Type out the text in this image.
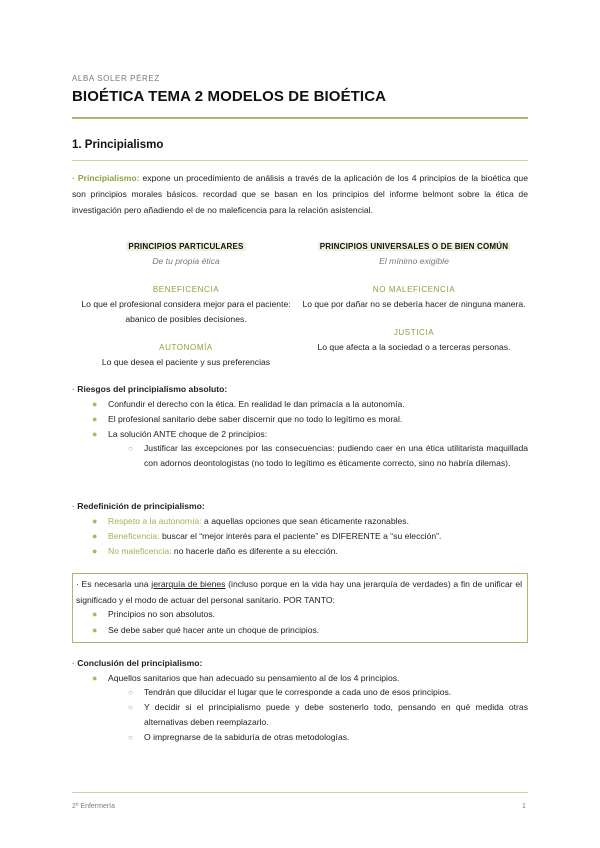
ALBA SOLER PÉREZ
BIOÉTICA TEMA 2 MODELOS DE BIOÉTICA
1. Principialismo
· Principialismo: expone un procedimiento de análisis a través de la aplicación de los 4 principios de la bioética que son principios morales básicos. recordad que se basan en los principios del informe belmont sobre la ética de investigación pero añadiendo el de no maleficencia para la relación asistencial.
PRINCIPIOS PARTICULARES
De tu propia ética
BENEFICENCIA
Lo que el profesional considera mejor para el paciente: abanico de posibles decisiones.
AUTONOMÍA
Lo que desea el paciente y sus preferencias
PRINCIPIOS UNIVERSALES O DE BIEN COMÚN
El mínimo exigible
NO MALEFICENCIA
Lo que por dañar no se debería hacer de ninguna manera.
JUSTICIA
Lo que afecta a la sociedad o a terceras personas.
· Riesgos del principialismo absoluto:
● Confundir el derecho con la ética. En realidad le dan primacía a la autonomía.
● El profesional sanitario debe saber discernir que no todo lo legítimo es moral.
● La solución ANTE choque de 2 principios:
○ Justificar las excepciones por las consecuencias: pudiendo caer en una ética utilitarista maquillada con adornos deontologistas (no todo lo legítimo es éticamente correcto, sino no habría dilemas).
· Redefinición de principialismo:
● Respeto a la autonomía: a aquellas opciones que sean éticamente razonables.
● Beneficencia: buscar el “mejor interés para el paciente” es DIFERENTE a “su elección”.
● No maleficencia: no hacerle daño es diferente a su elección.
· Es necesaria una jerarquía de bienes (incluso porque en la vida hay una jerarquía de verdades) a fin de unificar el significado y el modo de actuar del personal sanitario. POR TANTO:
● Principios no son absolutos.
● Se debe saber qué hacer ante un choque de principios.
· Conclusión del principialismo:
● Aquellos sanitarios que han adecuado su pensamiento al de los 4 principios.
○ Tendrán que dilucidar el lugar que le corresponde a cada uno de esos principios.
○ Y decidir si el principialismo puede y debe sostenerlo todo, pensando en qué medida otras alternativas deben reemplazarlo.
○ O impregnarse de la sabiduría de otras metodologías.
2º Enfermería	1
